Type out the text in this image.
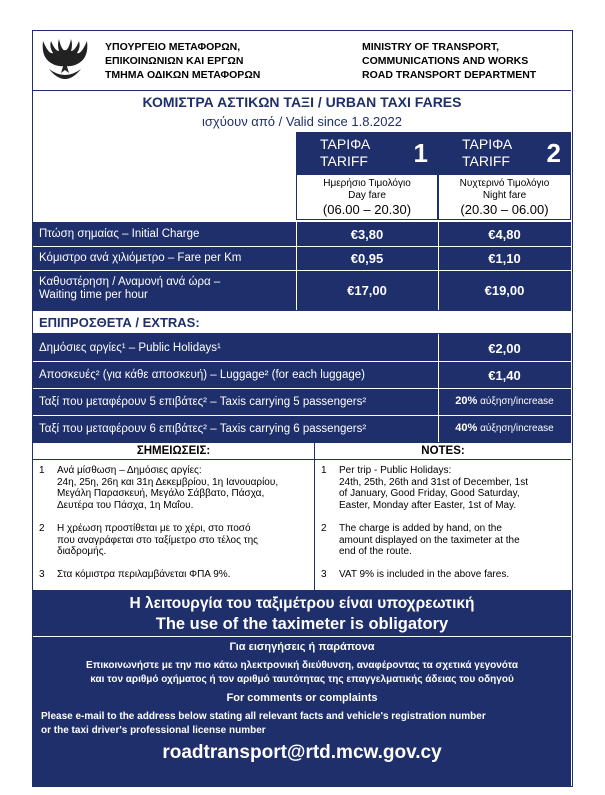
ΥΠΟΥΡΓΕΙΟ ΜΕΤΑΦΟΡΩΝ,
ΕΠΙΚΟΙΝΩΝΙΩΝ ΚΑΙ ΕΡΓΩΝ
ΤΜΗΜΑ ΟΔΙΚΩΝ ΜΕΤΑΦΟΡΩΝ
MINISTRY OF TRANSPORT,
COMMUNICATIONS AND WORKS
ROAD TRANSPORT DEPARTMENT
ΚΟΜΙΣΤΡΑ ΑΣΤΙΚΩΝ ΤΑΞΙ / URBAN TAXI FARES
ισχύουν από / Valid since 1.8.2022
ΤΑΡΙΦΑ
TARIFF 1
Ημερήσιο Τιμολόγιο
Day fare
(06.00 – 20.30)
ΤΑΡΙΦΑ
TARIFF 2
Νυχτερινό Τιμολόγιο
Night fare
(20.30 – 06.00)
Πτώση σημαίας – Initial Charge	€3,80	€4,80
Κόμιστρο ανά χιλιόμετρο – Fare per Km	€0,95	€1,10
Καθυστέρηση / Αναμονή ανά ώρα –
Waiting time per hour	€17,00	€19,00
ΕΠΙΠΡΟΣΘΕΤΑ / EXTRAS:
Δημόσιες αργίες¹ – Public Holidays¹	€2,00
Αποσκευές² (για κάθε αποσκευή) – Luggage² (for each luggage)	€1,40
Ταξί που μεταφέρουν 5 επιβάτες² – Taxis carrying 5 passengers²	20% αύξηση/increase
Ταξί που μεταφέρουν 6 επιβάτες² – Taxis carrying 6 passengers²	40% αύξηση/increase
ΣΗΜΕΙΩΣΕΙΣ:
1 Ανά μίσθωση – Δημόσιες αργίες:
24η, 25η, 26η και 31η Δεκεμβρίου, 1η Ιανουαρίου,
Μεγάλη Παρασκευή, Μεγάλο Σάββατο, Πάσχα,
Δευτέρα του Πάσχα, 1η Μαΐου.
2 Η χρέωση προστίθεται με το χέρι, στο ποσό
που αναγράφεται στο ταξίμετρο στο τέλος της
διαδρομής.
3 Στα κόμιστρα περιλαμβάνεται ΦΠΑ 9%.
NOTES:
1 Per trip - Public Holidays:
24th, 25th, 26th and 31st of December, 1st
of January, Good Friday, Good Saturday,
Easter, Monday after Easter, 1st of May.
2 The charge is added by hand, on the
amount displayed on the taximeter at the
end of the route.
3 VAT 9% is included in the above fares.
Η λειτουργία του ταξιμέτρου είναι υποχρεωτική
The use of the taximeter is obligatory
Για εισηγήσεις ή παράπονα
Επικοινωνήστε με την πιο κάτω ηλεκτρονική διεύθυνση, αναφέροντας τα σχετικά γεγονότα
και τον αριθμό οχήματος ή τον αριθμό ταυτότητας της επαγγελματικής άδειας του οδηγού
For comments or complaints
Please e-mail to the address below stating all relevant facts and vehicle's registration number
or the taxi driver's professional license number
roadtransport@rtd.mcw.gov.cy
